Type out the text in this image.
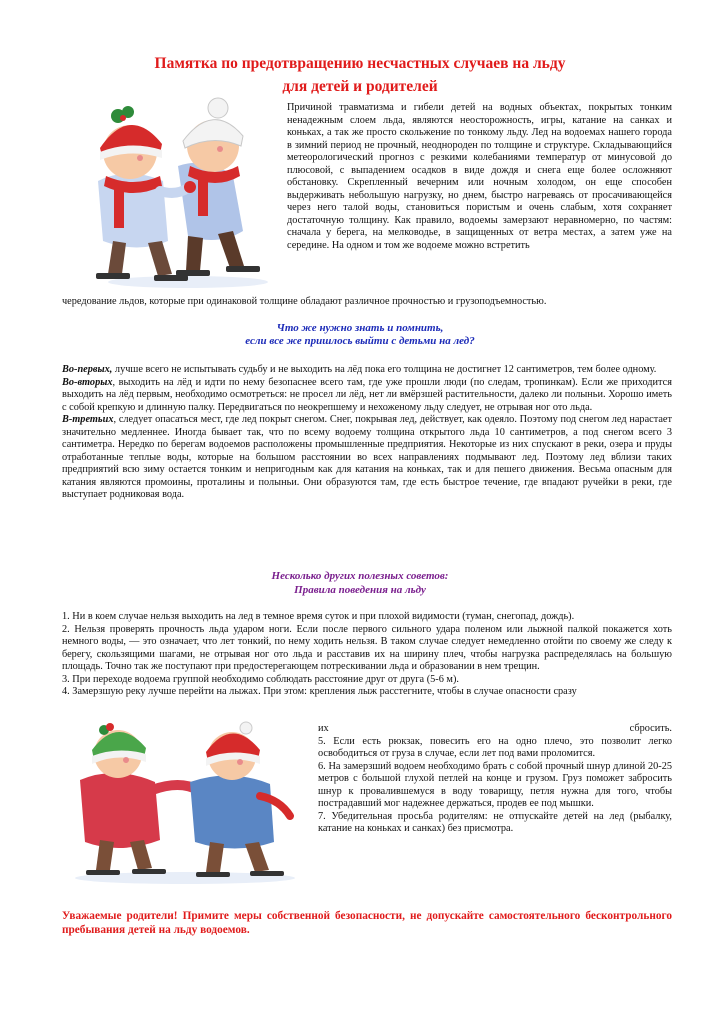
Памятка по предотвращению несчастных случаев на льду
для детей и родителей
Причиной травматизма и гибели детей на водных объектах, покрытых тонким ненадежным слоем льда, являются неосторожность, игры, катание на санках и коньках, а так же просто скольжение по тонкому льду. Лед на водоемах нашего города в зимний период не прочный, неоднороден по толщине и структуре. Складывающийся метеорологический прогноз с резкими колебаниями температур от минусовой до плюсовой, с выпадением осадков в виде дождя и снега еще более осложняют обстановку. Скрепленный вечерним или ночным холодом, он еще способен выдерживать небольшую нагрузку, но днем, быстро нагреваясь от просачивающейся через него талой воды, становиться пористым и очень слабым, хотя сохраняет достаточную толщину. Как правило, водоемы замерзают неравномерно, по частям: сначала у берега, на мелководье, в защищенных от ветра местах, а затем уже на середине. На одном и том же водоеме можно встретить
чередование льдов, которые при одинаковой толщине обладают различное прочностью и грузоподъемностью.
Что же нужно знать и помнить,
если все же пришлось выйти с детьми на лед?
Во-первых, лучше всего не испытывать судьбу и не выходить на лёд пока его толщина не достигнет 12 сантиметров, тем более одному.
Во-вторых, выходить на лёд и идти по нему безопаснее всего там, где уже прошли люди (по следам, тропинкам). Если же приходится выходить на лёд первым, необходимо осмотреться: не просел ли лёд, нет ли вмёрзшей растительности, далеко ли полыньи. Хорошо иметь с собой крепкую и длинную палку. Передвигаться по неокрепшему и нехоженому льду следует, не отрывая ног ото льда.
В-третьих, следует опасаться мест, где лед покрыт снегом. Снег, покрывая лед, действует, как одеяло. Поэтому под снегом лед нарастает значительно медленнее. Иногда бывает так, что по всему водоему толщина открытого льда 10 сантиметров, а под снегом всего 3 сантиметра. Нередко по берегам водоемов расположены промышленные предприятия. Некоторые из них спускают в реки, озера и пруды отработанные теплые воды, которые на большом расстоянии во всех направлениях подмывают лед. Поэтому лед вблизи таких предприятий всю зиму остается тонким и непригодным как для катания на коньках, так и для пешего движения. Весьма опасным для катания являются промоины, проталины и полыньи. Они образуются там, где есть быстрое течение, где впадают ручейки в реки, где выступает родниковая вода.
Несколько других полезных советов:
Правила поведения на льду
1. Ни в коем случае нельзя выходить на лед в темное время суток и при плохой видимости (туман, снегопад, дождь).
2. Нельзя проверять прочность льда ударом ноги. Если после первого сильного удара поленом или лыжной палкой покажется хоть немного воды, — это означает, что лет тонкий, по нему ходить нельзя. В таком случае следует немедленно отойти по своему же следу к берегу, скользящими шагами, не отрывая ног ото льда и расставив их на ширину плеч, чтобы нагрузка распределялась на большую площадь. Точно так же поступают при предостерегающем потрескивании льда и образовании в нем трещин.
3. При переходе водоема группой необходимо соблюдать расстояние друг от друга (5-6 м).
4. Замерзшую реку лучше перейти на лыжах. При этом: крепления лыж расстегните, чтобы в случае опасности сразу
их сбросить.
5. Если есть рюкзак, повесить его на одно плечо, это позволит легко освободиться от груза в случае, если лет под вами проломится.
6. На замерзший водоем необходимо брать с собой прочный шнур длиной 20-25 метров с большой глухой петлей на конце и грузом. Груз поможет забросить шнур к провалившемуся в воду товарищу, петля нужна для того, чтобы пострадавший мог надежнее держаться, продев ее под мышки.
7. Убедительная просьба родителям: не отпускайте детей на лед (рыбалку, катание на коньках и санках) без присмотра.
Уважаемые родители! Примите меры собственной безопасности, не допускайте самостоятельного бесконтрольного пребывания детей на льду водоемов.
